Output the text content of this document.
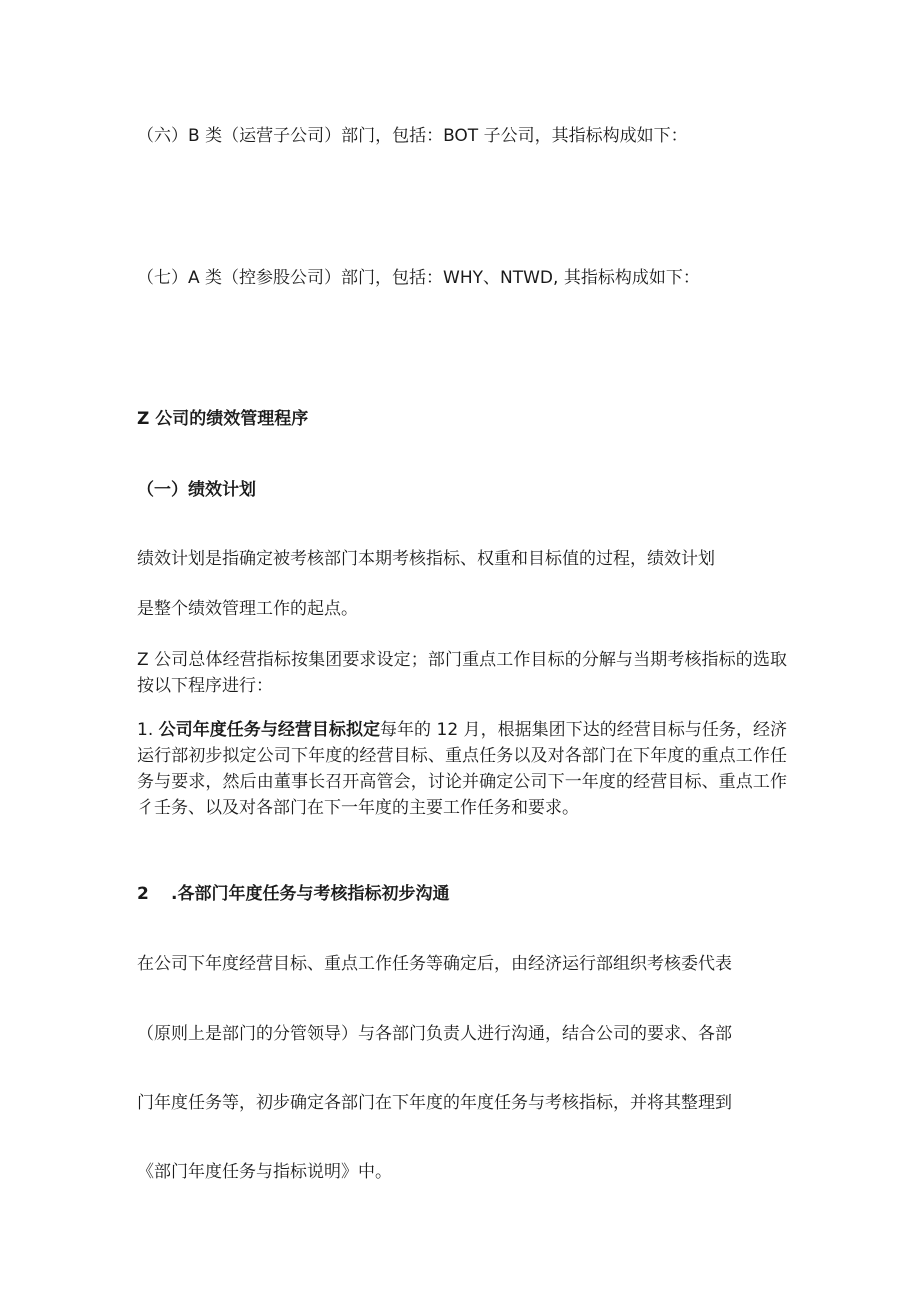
（六）B 类（运营子公司）部门，包括：BOT 子公司，其指标构成如下：
（七）A 类（控参股公司）部门，包括：WHY、NTWD, 其指标构成如下：
Z 公司的绩效管理程序
（一）绩效计划
绩效计划是指确定被考核部门本期考核指标、权重和目标值的过程，绩效计划
是整个绩效管理工作的起点。
Z 公司总体经营指标按集团要求设定；部门重点工作目标的分解与当期考核指标的选取按以下程序进行：
1. 公司年度任务与经营目标拟定每年的 12 月，根据集团下达的经营目标与任务，经济运行部初步拟定公司下年度的经营目标、重点任务以及对各部门在下年度的重点工作任务与要求，然后由董事长召开高管会，讨论并确定公司下一年度的经营目标、重点工作彳壬务、以及对各部门在下一年度的主要工作任务和要求。
2 .各部门年度任务与考核指标初步沟通
在公司下年度经营目标、重点工作任务等确定后，由经济运行部组织考核委代表
（原则上是部门的分管领导）与各部门负责人进行沟通，结合公司的要求、各部
门年度任务等，初步确定各部门在下年度的年度任务与考核指标，并将其整理到
《部门年度任务与指标说明》中。
